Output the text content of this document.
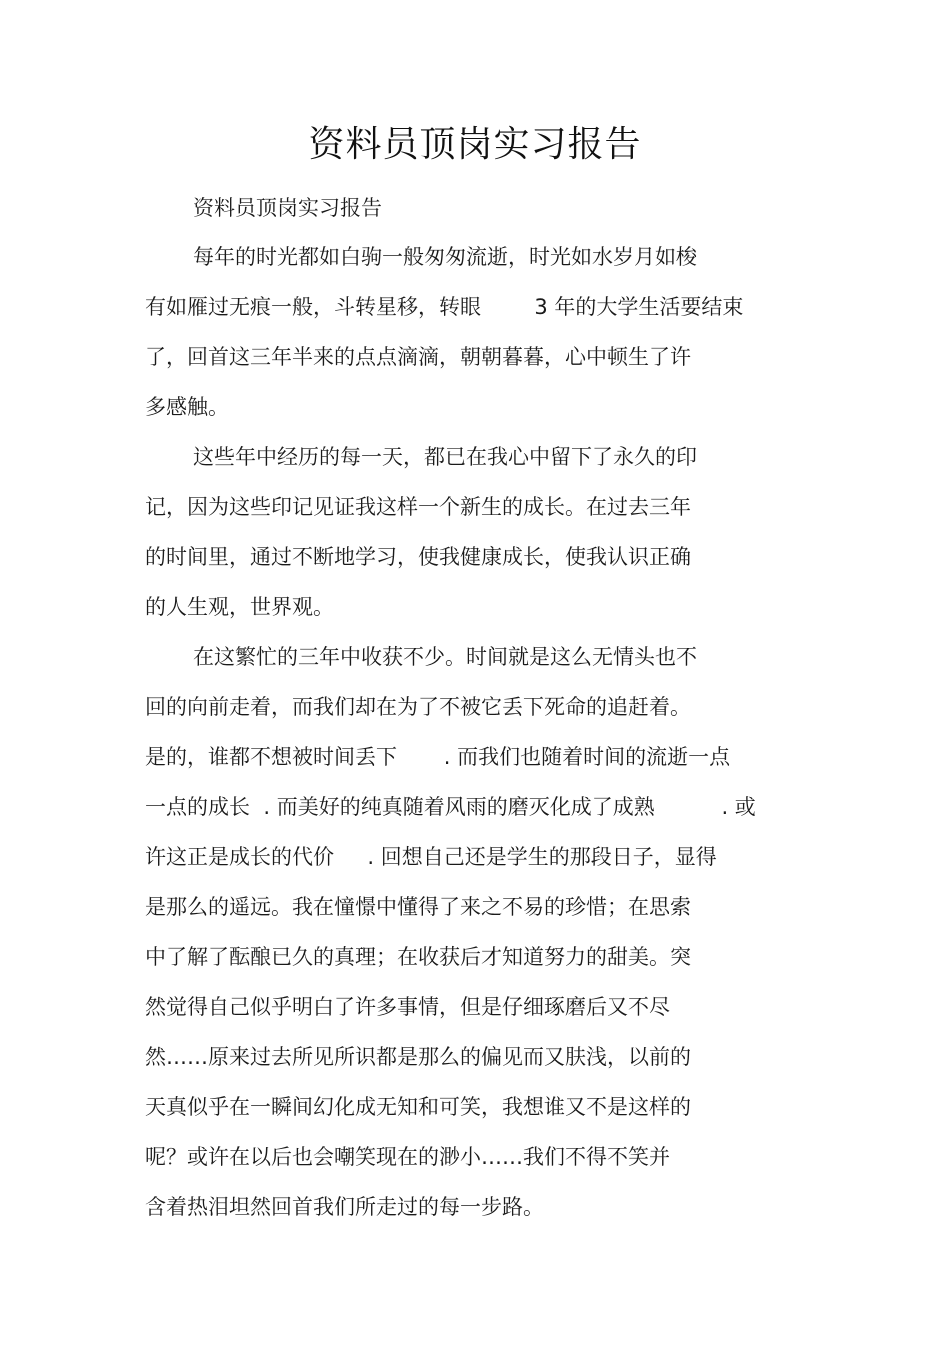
资料员顶岗实习报告
资料员顶岗实习报告
每年的时光都如白驹一般匆匆流逝，时光如水岁月如梭
有如雁过无痕一般，斗转星移，转眼        3 年的大学生活要结束
了，回首这三年半来的点点滴滴，朝朝暮暮，心中顿生了许
多感触。
这些年中经历的每一天，都已在我心中留下了永久的印
记，因为这些印记见证我这样一个新生的成长。在过去三年
的时间里，通过不断地学习，使我健康成长，使我认识正确
的人生观，世界观。
在这繁忙的三年中收获不少。时间就是这么无情头也不
回的向前走着，而我们却在为了不被它丢下死命的追赶着。
是的，谁都不想被时间丢下       . 而我们也随着时间的流逝一点
一点的成长  . 而美好的纯真随着风雨的磨灭化成了成熟          . 或
许这正是成长的代价     . 回想自己还是学生的那段日子，显得
是那么的遥远。我在憧憬中懂得了来之不易的珍惜；在思索
中了解了酝酿已久的真理；在收获后才知道努力的甜美。突
然觉得自己似乎明白了许多事情，但是仔细琢磨后又不尽
然……原来过去所见所识都是那么的偏见而又肤浅，以前的
天真似乎在一瞬间幻化成无知和可笑，我想谁又不是这样的
呢？或许在以后也会嘲笑现在的渺小……我们不得不笑并
含着热泪坦然回首我们所走过的每一步路。
